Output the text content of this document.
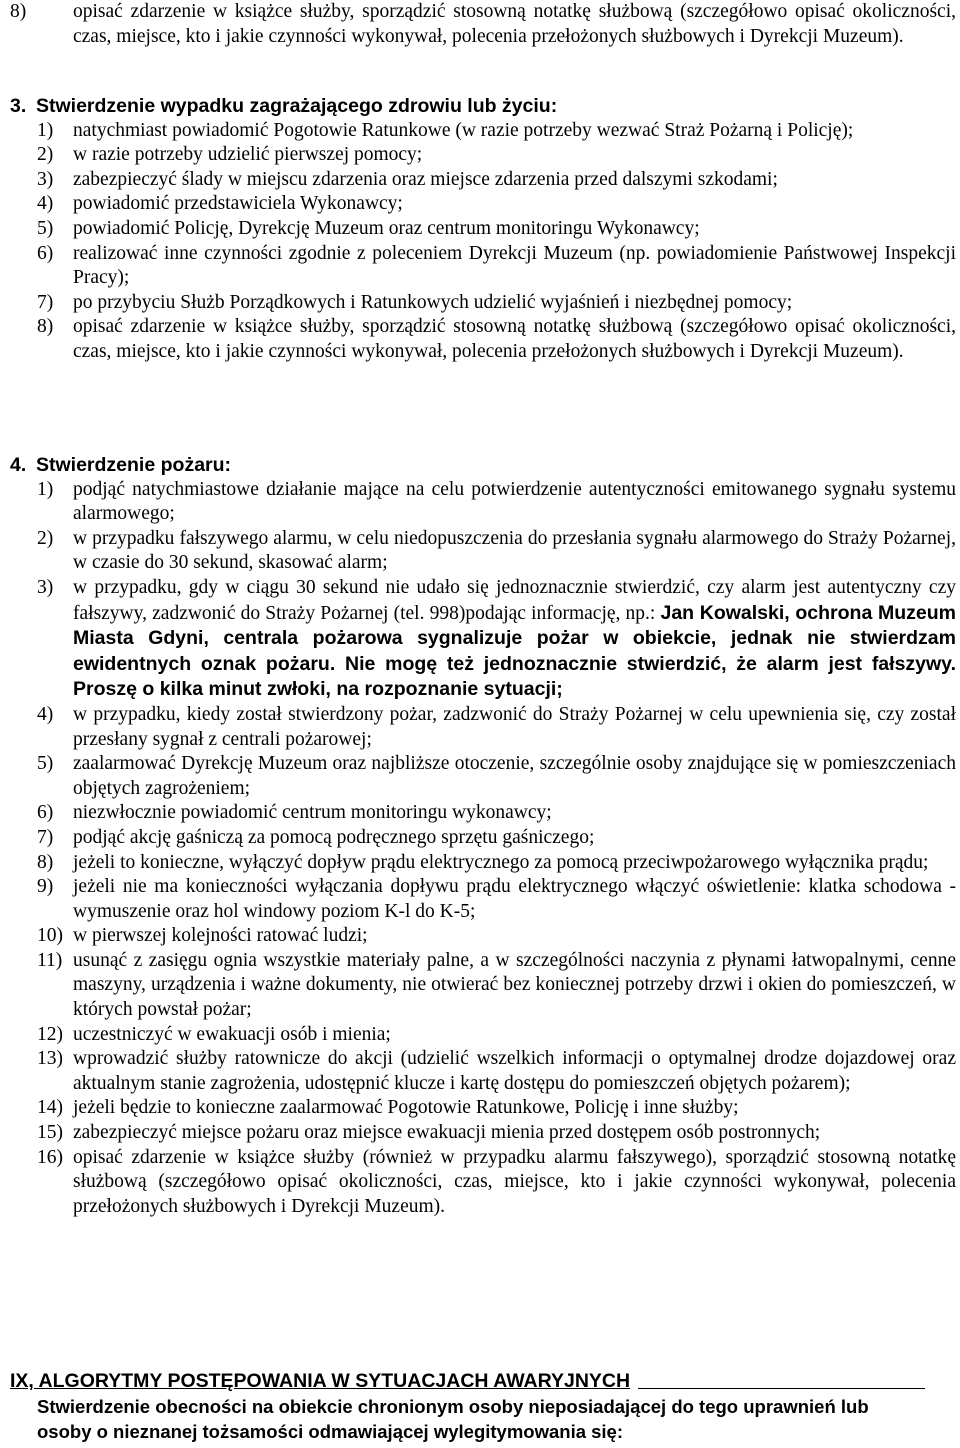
8)	opisać zdarzenie w książce służby, sporządzić stosowną notatkę służbową (szczegółowo opisać okoliczności, czas, miejsce, kto i jakie czynności wykonywał, polecenia przełożonych służbowych i Dyrekcji Muzeum).
3. Stwierdzenie wypadku zagrażającego zdrowiu lub życiu:
1)	natychmiast powiadomić Pogotowie Ratunkowe (w razie potrzeby wezwać Straż Pożarną i Policję);
2)	w razie potrzeby udzielić pierwszej pomocy;
3)	zabezpieczyć ślady w miejscu zdarzenia oraz miejsce zdarzenia przed dalszymi szkodami;
4)	powiadomić przedstawiciela Wykonawcy;
5)	powiadomić Policję, Dyrekcję Muzeum oraz centrum monitoringu Wykonawcy;
6)	realizować inne czynności zgodnie z poleceniem Dyrekcji Muzeum (np. powiadomienie Państwowej Inspekcji Pracy);
7)	po przybyciu Służb Porządkowych i Ratunkowych udzielić wyjaśnień i niezbędnej pomocy;
8)	opisać zdarzenie w książce służby, sporządzić stosowną notatkę służbową (szczegółowo opisać okoliczności, czas, miejsce, kto i jakie czynności wykonywał, polecenia przełożonych służbowych i Dyrekcji Muzeum).
4. Stwierdzenie pożaru:
1)	podjąć natychmiastowe działanie mające na celu potwierdzenie autentyczności emitowanego sygnału systemu alarmowego;
2)	w przypadku fałszywego alarmu, w celu niedopuszczenia do przesłania sygnału alarmowego do Straży Pożarnej, w czasie do 30 sekund, skasować alarm;
3)	w przypadku, gdy w ciągu 30 sekund nie udało się jednoznacznie stwierdzić, czy alarm jest autentyczny czy fałszywy, zadzwonić do Straży Pożarnej (tel. 998)podając informację, np.: Jan Kowalski, ochrona Muzeum Miasta Gdyni, centrala pożarowa sygnalizuje pożar w obiekcie, jednak nie stwierdzam ewidentnych oznak pożaru. Nie mogę też jednoznacznie stwierdzić, że alarm jest fałszywy. Proszę o kilka minut zwłoki, na rozpoznanie sytuacji;
4)	w przypadku, kiedy został stwierdzony pożar, zadzwonić do Straży Pożarnej w celu upewnienia się, czy został przesłany sygnał z centrali pożarowej;
5)	zaalarmować Dyrekcję Muzeum oraz najbliższe otoczenie, szczególnie osoby znajdujące się w pomieszczeniach objętych zagrożeniem;
6)	niezwłocznie powiadomić centrum monitoringu wykonawcy;
7)	podjąć akcję gaśniczą za pomocą podręcznego sprzętu gaśniczego;
8)	jeżeli to konieczne, wyłączyć dopływ prądu elektrycznego za pomocą przeciwpożarowego wyłącznika prądu;
9)	jeżeli nie ma konieczności wyłączania dopływu prądu elektrycznego włączyć oświetlenie: klatka schodowa - wymuszenie oraz hol windowy poziom K-l do K-5;
10) w pierwszej kolejności ratować ludzi;
11) usunąć z zasięgu ognia wszystkie materiały palne, a w szczególności naczynia z płynami łatwopalnymi, cenne maszyny, urządzenia i ważne dokumenty, nie otwierać bez koniecznej potrzeby drzwi i okien do pomieszczeń, w których powstał pożar;
12) uczestniczyć w ewakuacji osób i mienia;
13) wprowadzić służby ratownicze do akcji (udzielić wszelkich informacji o optymalnej drodze dojazdowej oraz aktualnym stanie zagrożenia, udostępnić klucze i kartę dostępu do pomieszczeń objętych pożarem);
14) jeżeli będzie to konieczne zaalarmować Pogotowie Ratunkowe, Policję i inne służby;
15) zabezpieczyć miejsce pożaru oraz miejsce ewakuacji mienia przed dostępem osób postronnych;
16) opisać zdarzenie w książce służby (również w przypadku alarmu fałszywego), sporządzić stosowną notatkę służbową (szczegółowo opisać okoliczności, czas, miejsce, kto i jakie czynności wykonywał, polecenia przełożonych służbowych i Dyrekcji Muzeum).
IX, ALGORYTMY POSTĘPOWANIA W SYTUACJACH AWARYJNYCH
Stwierdzenie obecności na obiekcie chronionym osoby nieposiadającej do tego uprawnień lub osoby o nieznanej tożsamości odmawiającej wylegitymowania się:
